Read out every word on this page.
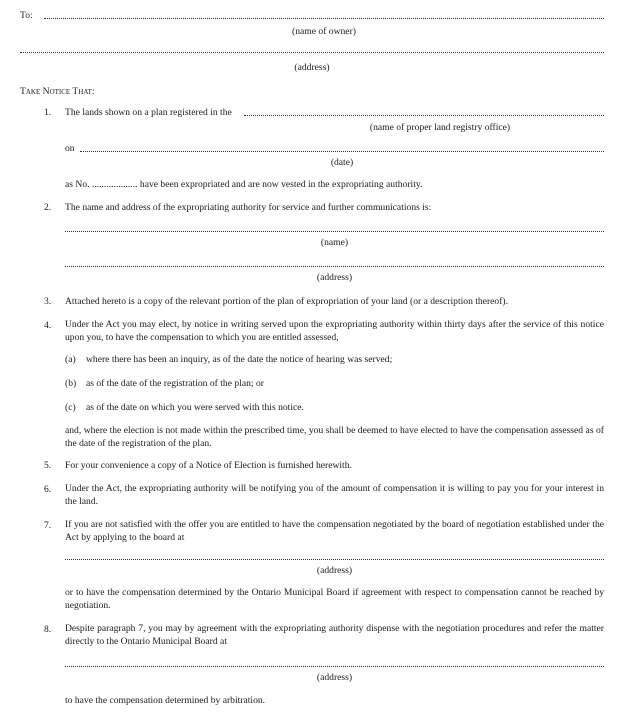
To:
(name of owner)
(address)
Take Notice That:
1. The lands shown on a plan registered in the
(name of proper land registry office)
on
(date)
as No. ................... have been expropriated and are now vested in the expropriating authority.
2. The name and address of the expropriating authority for service and further communications is:
(name)
(address)
3. Attached hereto is a copy of the relevant portion of the plan of expropriation of your land (or a description thereof).
4. Under the Act you may elect, by notice in writing served upon the expropriating authority within thirty days after the service of this notice upon you, to have the compensation to which you are entitled assessed,
(a) where there has been an inquiry, as of the date the notice of hearing was served;
(b) as of the date of the registration of the plan; or
(c) as of the date on which you were served with this notice.
and, where the election is not made within the prescribed time, you shall be deemed to have elected to have the compensation assessed as of the date of the registration of the plan.
5. For your convenience a copy of a Notice of Election is furnished herewith.
6. Under the Act, the expropriating authority will be notifying you of the amount of compensation it is willing to pay you for your interest in the land.
7. If you are not satisfied with the offer you are entitled to have the compensation negotiated by the board of negotiation established under the Act by applying to the board at
(address)
or to have the compensation determined by the Ontario Municipal Board if agreement with respect to compensation cannot be reached by negotiation.
8. Despite paragraph 7, you may by agreement with the expropriating authority dispense with the negotiation procedures and refer the matter directly to the Ontario Municipal Board at
(address)
to have the compensation determined by arbitration.
